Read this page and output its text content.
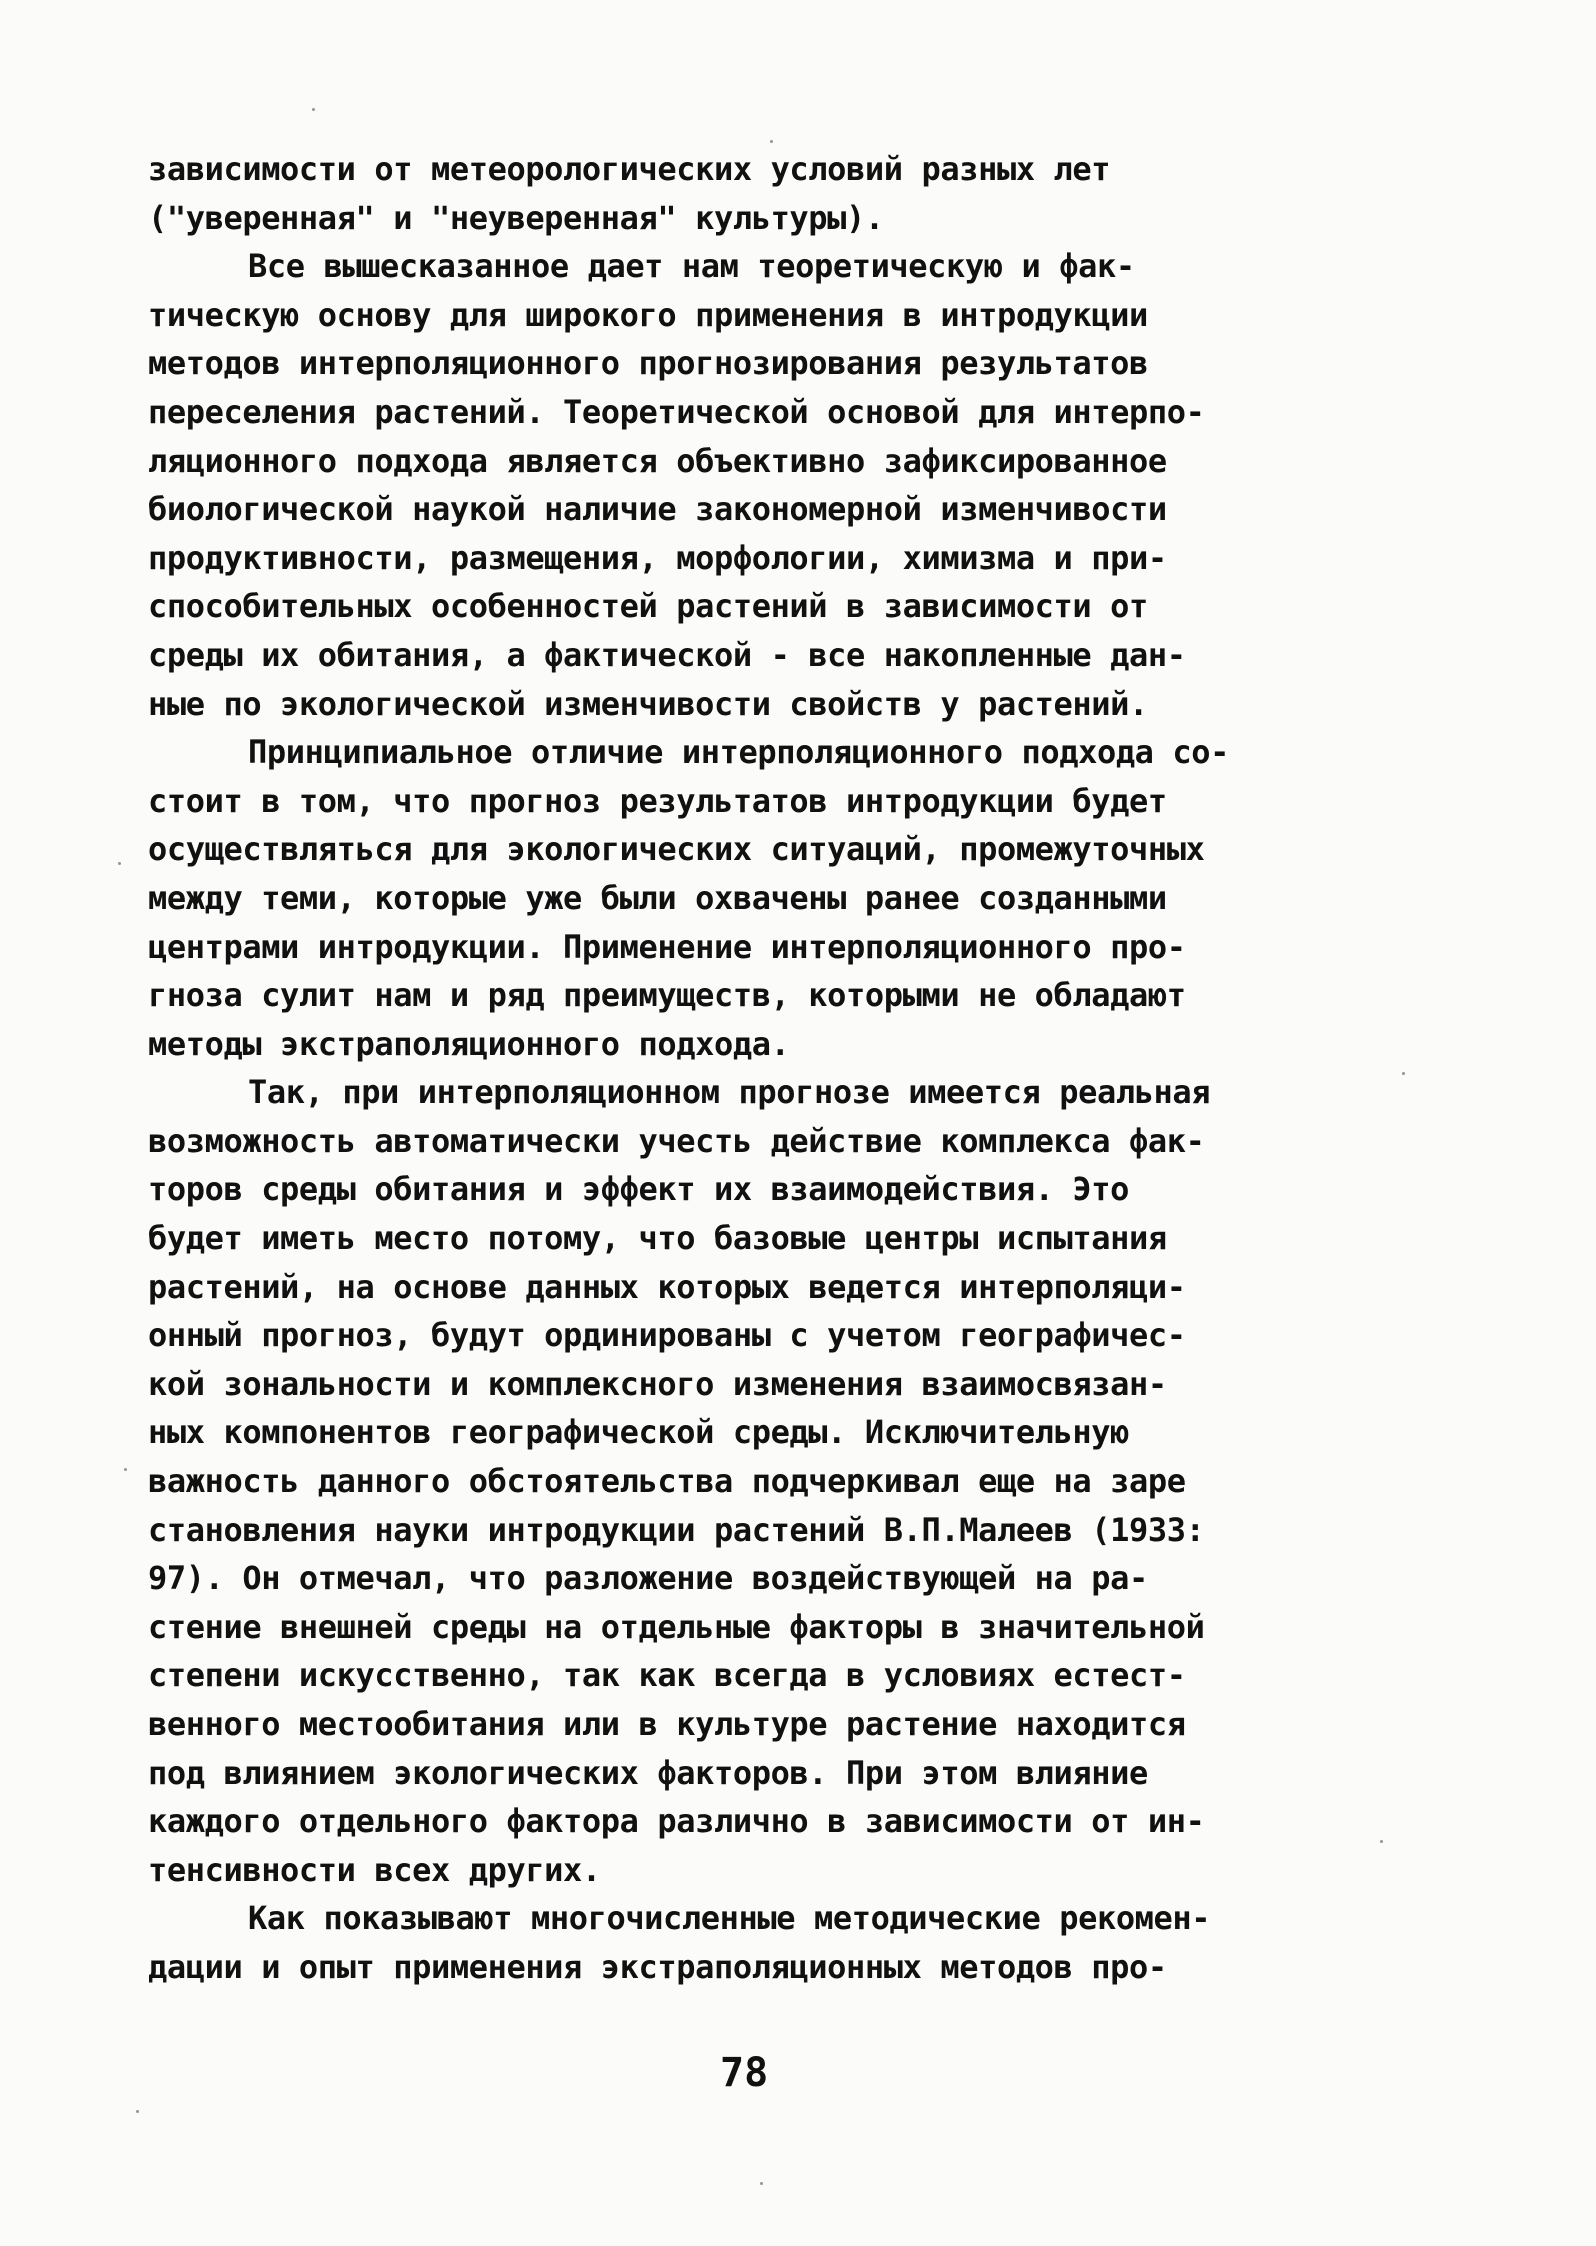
зависимости от метеорологических условий разных лет
("уверенная" и "неуверенная" культуры).
Все вышесказанное дает нам теоретическую и фак-
тическую основу для широкого применения в интродукции
методов интерполяционного прогнозирования результатов
переселения растений. Теоретической основой для интерпо-
ляционного подхода является объективно зафиксированное
биологической наукой наличие закономерной изменчивости
продуктивности, размещения, морфологии, химизма и при-
способительных особенностей растений в зависимости от
среды их обитания, а фактической - все накопленные дан-
ные по экологической изменчивости свойств у растений.
Принципиальное отличие интерполяционного подхода со-
стоит в том, что прогноз результатов интродукции будет
осуществляться для экологических ситуаций, промежуточных
между теми, которые уже были охвачены ранее созданными
центрами интродукции. Применение интерполяционного про-
гноза сулит нам и ряд преимуществ, которыми не обладают
методы экстраполяционного подхода.
Так, при интерполяционном прогнозе имеется реальная
возможность автоматически учесть действие комплекса фак-
торов среды обитания и эффект их взаимодействия. Это
будет иметь место потому, что базовые центры испытания
растений, на основе данных которых ведется интерполяци-
онный прогноз, будут ординированы с учетом географичес-
кой зональности и комплексного изменения взаимосвязан-
ных компонентов географической среды. Исключительную
важность данного обстоятельства подчеркивал еще на заре
становления науки интродукции растений В.П.Малеев (1933:
97). Он отмечал, что разложение воздействующей на ра-
стение внешней среды на отдельные факторы в значительной
степени искусственно, так как всегда в условиях естест-
венного местообитания или в культуре растение находится
под влиянием экологических факторов. При этом влияние
каждого отдельного фактора различно в зависимости от ин-
тенсивности всех других.
Как показывают многочисленные методические рекомен-
дации и опыт применения экстраполяционных методов про-
78
